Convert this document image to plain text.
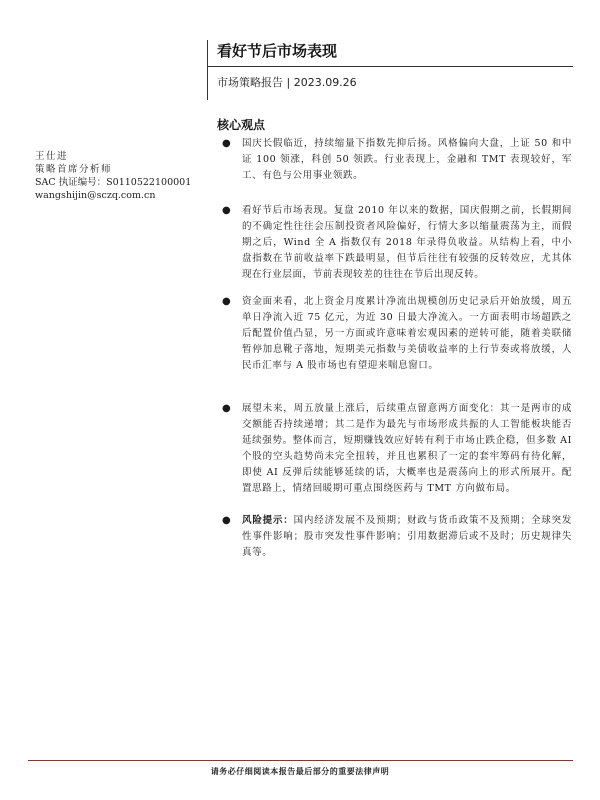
看好节后市场表现
市场策略报告 | 2023.09.26
核心观点
王仕进
策略首席分析师
SAC 执证编号：S0110522100001
wangshijin@sczq.com.cn
● 国庆长假临近，持续缩量下指数先抑后扬。风格偏向大盘，上证 50 和中证 100 领涨，科创 50 领跌。行业表现上，金融和 TMT 表现较好，军工、有色与公用事业领跌。
● 看好节后市场表现。复盘 2010 年以来的数据，国庆假期之前，长假期间的不确定性往往会压制投资者风险偏好，行情大多以缩量震荡为主，而假期之后，Wind 全 A 指数仅有 2018 年录得负收益。从结构上看，中小盘指数在节前收益率下跌最明显，但节后往往有较强的反转效应，尤其体现在行业层面，节前表现较差的往往在节后出现反转。
● 资金面来看，北上资金月度累计净流出规模创历史记录后开始放缓，周五单日净流入近 75 亿元，为近 30 日最大净流入。一方面表明市场超跌之后配置价值凸显，另一方面或许意味着宏观因素的逆转可能，随着美联储暂停加息靴子落地，短期美元指数与美债收益率的上行节奏或将放缓，人民币汇率与 A 股市场也有望迎来喘息窗口。
● 展望未来，周五放量上涨后，后续重点留意两方面变化：其一是两市的成交额能否持续递增；其二是作为最先与市场形成共振的人工智能板块能否延续强势。整体而言，短期赚钱效应好转有利于市场止跌企稳，但多数 AI 个股的空头趋势尚未完全扭转，并且也累积了一定的套牢筹码有待化解，即使 AI 反弹后续能够延续的话，大概率也是震荡向上的形式所展开。配置思路上，情绪回暖期可重点围绕医药与 TMT 方向做布局。
● 风险提示：国内经济发展不及预期；财政与货币政策不及预期；全球突发性事件影响；股市突发性事件影响；引用数据滞后或不及时；历史规律失真等。
请务必仔细阅读本报告最后部分的重要法律声明
